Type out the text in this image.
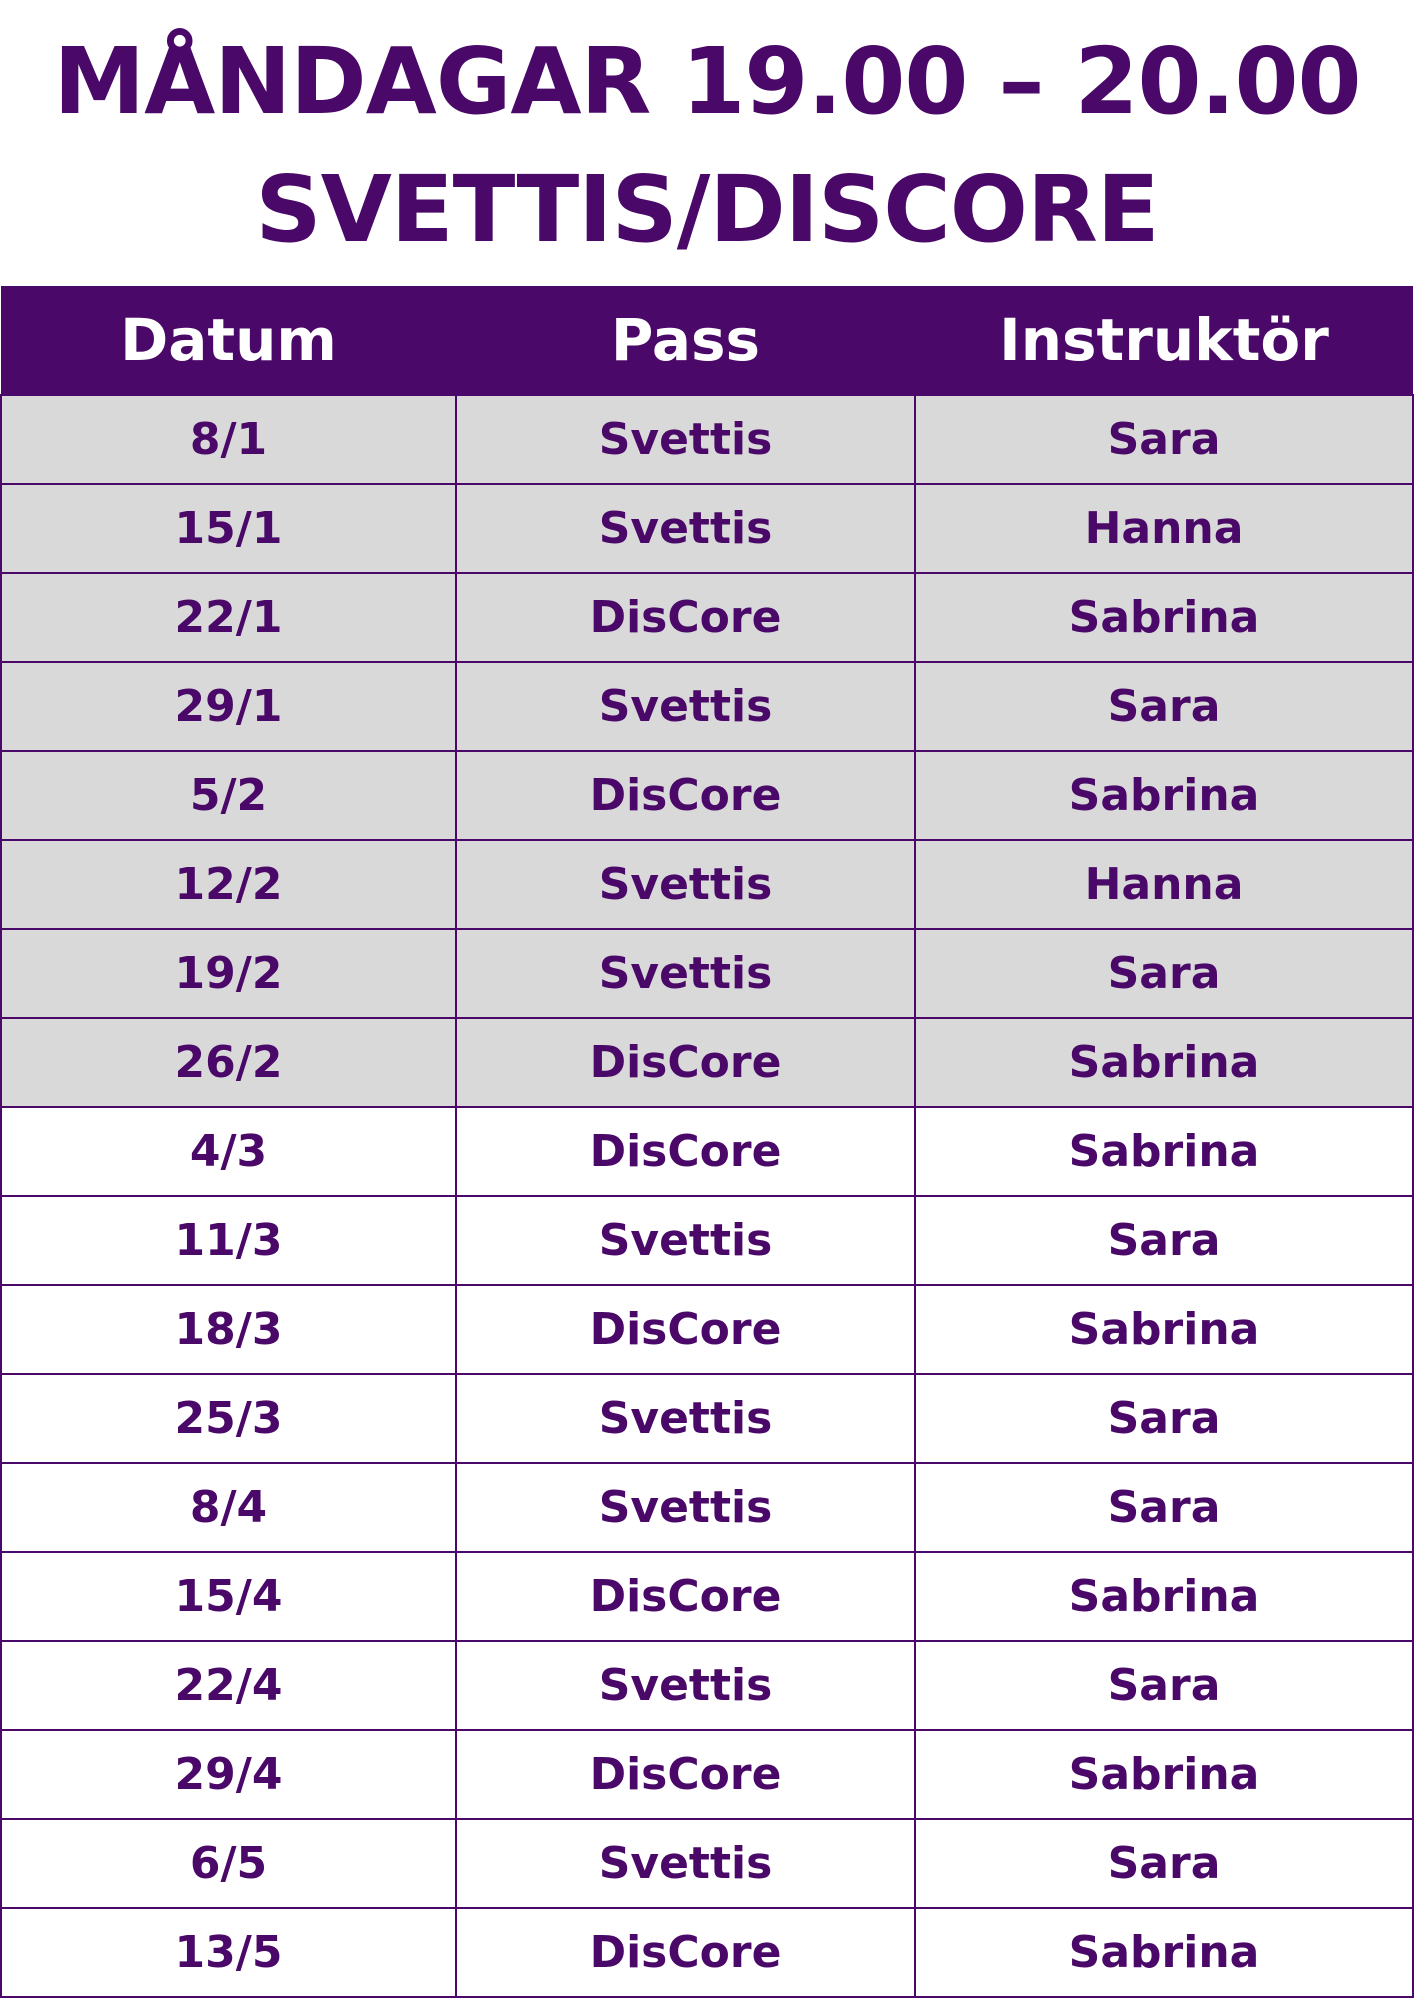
MÅNDAGAR 19.00 – 20.00
SVETTIS/DISCORE
Datum	Pass	Instruktör
8/1	Svettis	Sara
15/1	Svettis	Hanna
22/1	DisCore	Sabrina
29/1	Svettis	Sara
5/2	DisCore	Sabrina
12/2	Svettis	Hanna
19/2	Svettis	Sara
26/2	DisCore	Sabrina
4/3	DisCore	Sabrina
11/3	Svettis	Sara
18/3	DisCore	Sabrina
25/3	Svettis	Sara
8/4	Svettis	Sara
15/4	DisCore	Sabrina
22/4	Svettis	Sara
29/4	DisCore	Sabrina
6/5	Svettis	Sara
13/5	DisCore	Sabrina
